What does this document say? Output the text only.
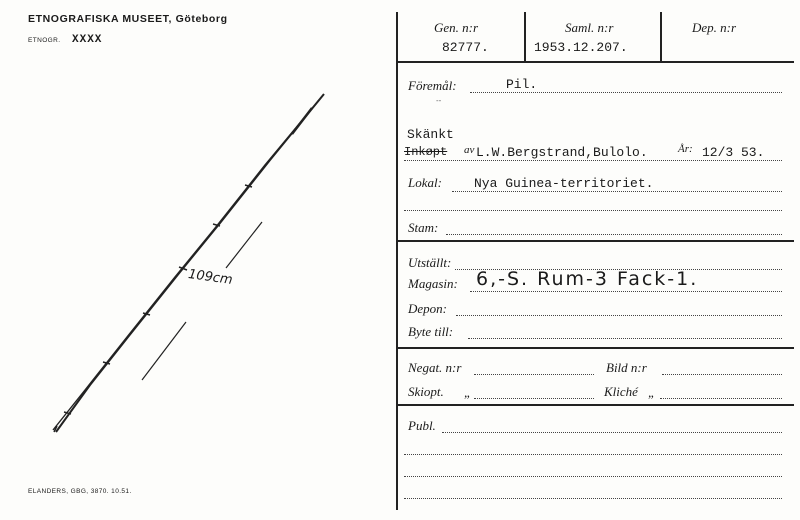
ETNOGRAFISKA MUSEET, Göteborg
ETNOGR. XXXX
ELANDERS, GBG, 3870. 10.51.
109cm
Gen. n:r
82777.
Saml. n:r
1953.12.207.
Dep. n:r
Föremål:	Pil.
--
Skänkt
Inkøpt av L.W.Bergstrand,Bulolo.	År: 12/3 53.
Lokal: Nya Guinea-territoriet.
Stam:
Utställt:
Magasin: 6,-S. Rum-3 Fack-1.
Depon:
Byte till:
Negat. n:r	Bild n:r
Skiopt. „	Kliché „
Publ.
